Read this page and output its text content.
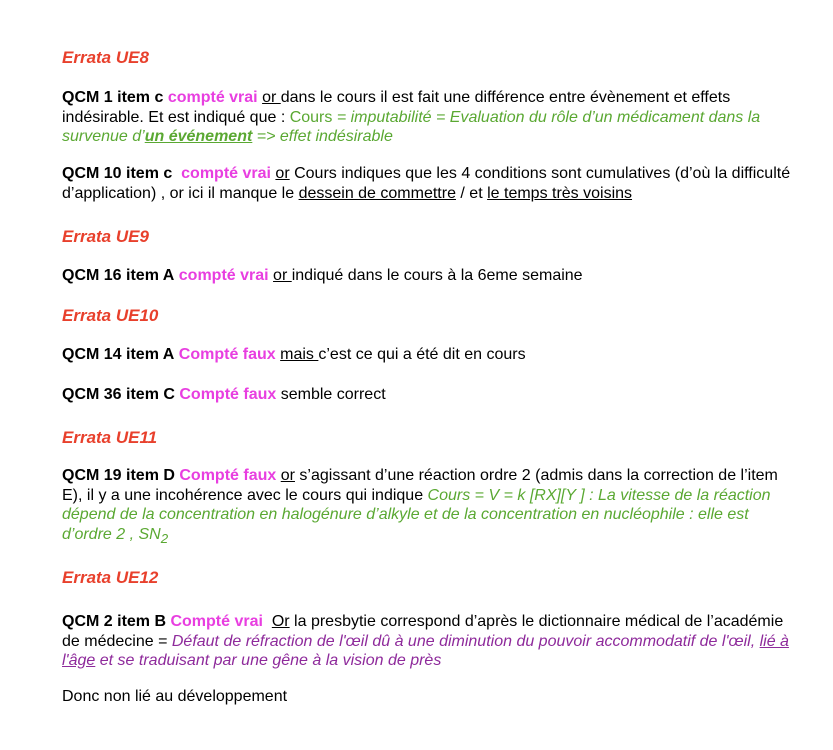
Errata UE8

QCM 1 item c compté vrai or dans le cours il est fait une différence entre évènement et effets indésirable. Et est indiqué que : Cours = imputabilité = Evaluation du rôle d’un médicament dans la survenue d’un événement => effet indésirable

QCM 10 item c compté vrai or Cours indiques que les 4 conditions sont cumulatives (d’où la difficulté d’application) , or ici il manque le dessein de commettre / et le temps très voisins

Errata UE9

QCM 16 item A compté vrai or indiqué dans le cours à la 6eme semaine

Errata UE10

QCM 14 item A Compté faux mais c’est ce qui a été dit en cours

QCM 36 item C Compté faux semble correct

Errata UE11

QCM 19 item D Compté faux or s’agissant d’une réaction ordre 2 (admis dans la correction de l’item E), il y a une incohérence avec le cours qui indique Cours = V = k [RX][Y ] : La vitesse de la réaction dépend de la concentration en halogénure d’alkyle et de la concentration en nucléophile : elle est d’ordre 2 , $SN_2$

Errata UE12

QCM 2 item B Compté vrai Or la presbytie correspond d’après le dictionnaire médical de l’académie de médecine = Défaut de réfraction de l'œil dû à une diminution du pouvoir accommodatif de l'œil, lié à l'âge et se traduisant par une gêne à la vision de près

Donc non lié au développement
